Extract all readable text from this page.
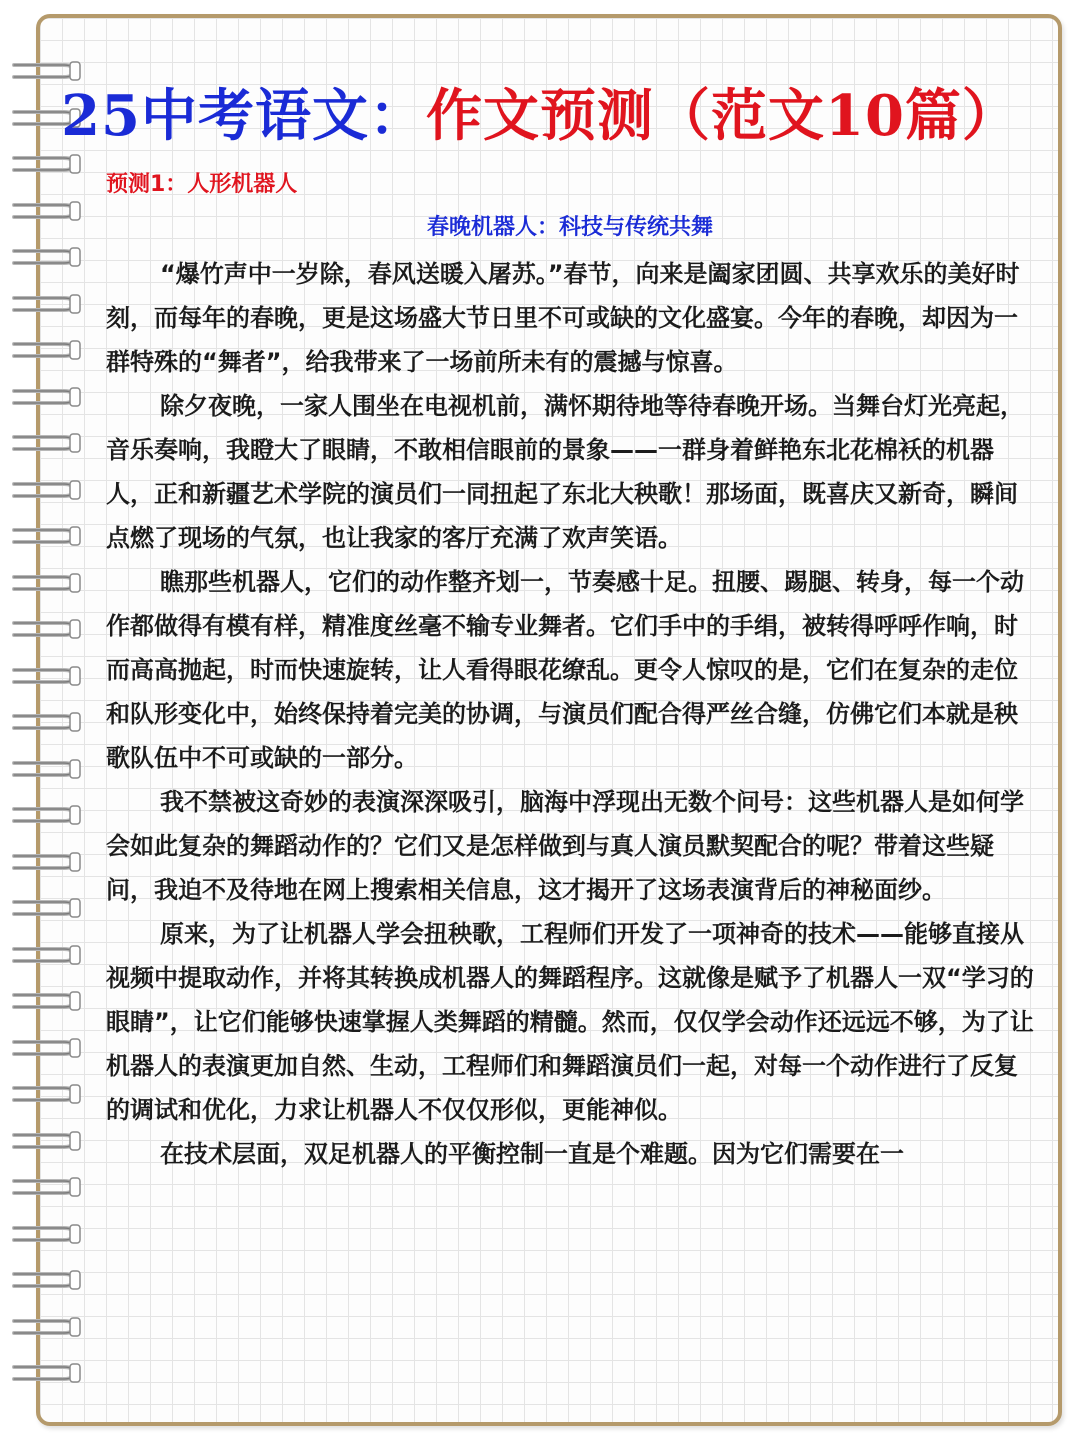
25中考语文：作文预测（范文10篇）
预测1：人形机器人
春晚机器人：科技与传统共舞

“爆竹声中一岁除，春风送暖入屠苏。”春节，向来是阖家团圆、共享欢乐的美好时刻，而每年的春晚，更是这场盛大节日里不可或缺的文化盛宴。今年的春晚，却因为一群特殊的“舞者”，给我带来了一场前所未有的震撼与惊喜。

除夕夜晚，一家人围坐在电视机前，满怀期待地等待春晚开场。当舞台灯光亮起，音乐奏响，我瞪大了眼睛，不敢相信眼前的景象——一群身着鲜艳东北花棉袄的机器人，正和新疆艺术学院的演员们一同扭起了东北大秧歌！那场面，既喜庆又新奇，瞬间点燃了现场的气氛，也让我家的客厅充满了欢声笑语。

瞧那些机器人，它们的动作整齐划一，节奏感十足。扭腰、踢腿、转身，每一个动作都做得有模有样，精准度丝毫不输专业舞者。它们手中的手绢，被转得呼呼作响，时而高高抛起，时而快速旋转，让人看得眼花缭乱。更令人惊叹的是，它们在复杂的走位和队形变化中，始终保持着完美的协调，与演员们配合得严丝合缝，仿佛它们本就是秧歌队伍中不可或缺的一部分。

我不禁被这奇妙的表演深深吸引，脑海中浮现出无数个问号：这些机器人是如何学会如此复杂的舞蹈动作的？它们又是怎样做到与真人演员默契配合的呢？带着这些疑问，我迫不及待地在网上搜索相关信息，这才揭开了这场表演背后的神秘面纱。

原来，为了让机器人学会扭秧歌，工程师们开发了一项神奇的技术——能够直接从视频中提取动作，并将其转换成机器人的舞蹈程序。这就像是赋予了机器人一双“学习的眼睛”，让它们能够快速掌握人类舞蹈的精髓。然而，仅仅学会动作还远远不够，为了让机器人的表演更加自然、生动，工程师们和舞蹈演员们一起，对每一个动作进行了反复的调试和优化，力求让机器人不仅仅形似，更能神似。

在技术层面，双足机器人的平衡控制一直是个难题。因为它们需要在一
